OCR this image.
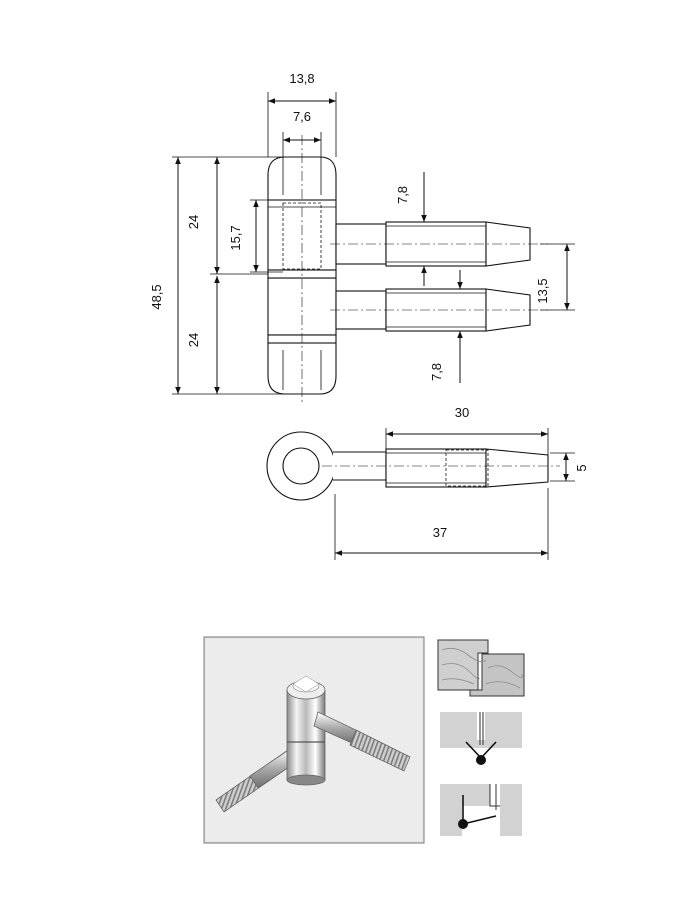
13,8
7,6
48,5
24
24
15,7
7,8
7,8
13,5
30
5
37
